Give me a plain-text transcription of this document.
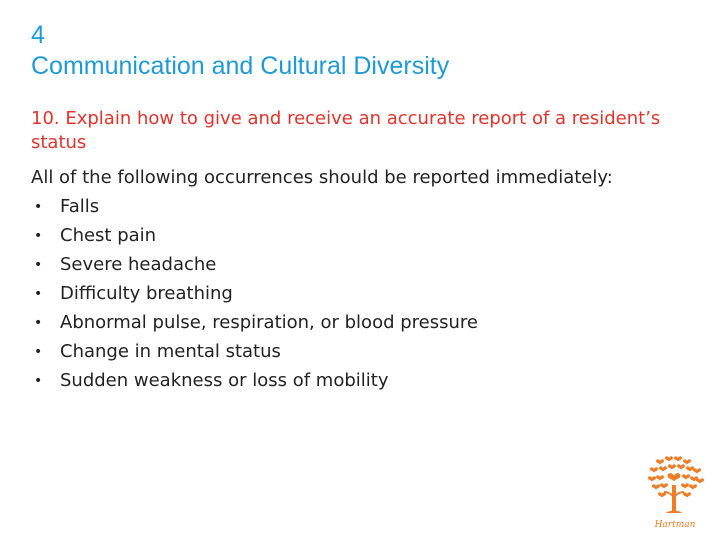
4
Communication and Cultural Diversity
10. Explain how to give and receive an accurate report of a resident’s status
All of the following occurrences should be reported immediately:
• Falls
• Chest pain
• Severe headache
• Difficulty breathing
• Abnormal pulse, respiration, or blood pressure
• Change in mental status
• Sudden weakness or loss of mobility
Hartman
